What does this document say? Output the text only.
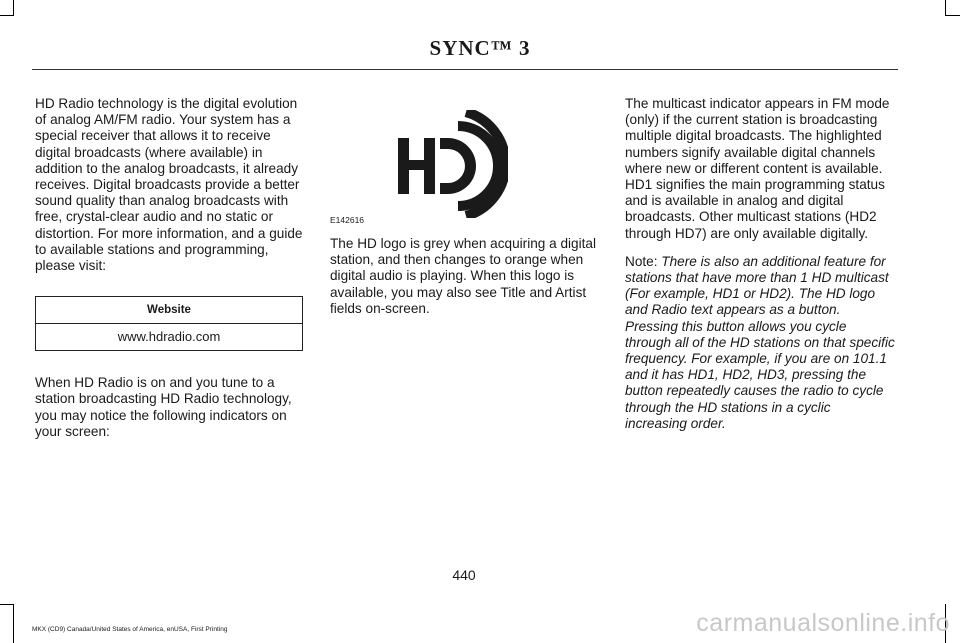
SYNC™ 3

HD Radio technology is the digital evolution of analog AM/FM radio. Your system has a special receiver that allows it to receive digital broadcasts (where available) in addition to the analog broadcasts, it already receives. Digital broadcasts provide a better sound quality than analog broadcasts with free, crystal-clear audio and no static or distortion. For more information, and a guide to available stations and programming, please visit:

Website
www.hdradio.com

When HD Radio is on and you tune to a station broadcasting HD Radio technology, you may notice the following indicators on your screen:

E142616

The HD logo is grey when acquiring a digital station, and then changes to orange when digital audio is playing. When this logo is available, you may also see Title and Artist fields on-screen.

The multicast indicator appears in FM mode (only) if the current station is broadcasting multiple digital broadcasts. The highlighted numbers signify available digital channels where new or different content is available. HD1 signifies the main programming status and is available in analog and digital broadcasts. Other multicast stations (HD2 through HD7) are only available digitally.

Note: There is also an additional feature for stations that have more than 1 HD multicast (For example, HD1 or HD2). The HD logo and Radio text appears as a button. Pressing this button allows you cycle through all of the HD stations on that specific frequency. For example, if you are on 101.1 and it has HD1, HD2, HD3, pressing the button repeatedly causes the radio to cycle through the HD stations in a cyclic increasing order.

440
MKX (CD9) Canada/United States of America, enUSA, First Printing	carmanualsonline.info
